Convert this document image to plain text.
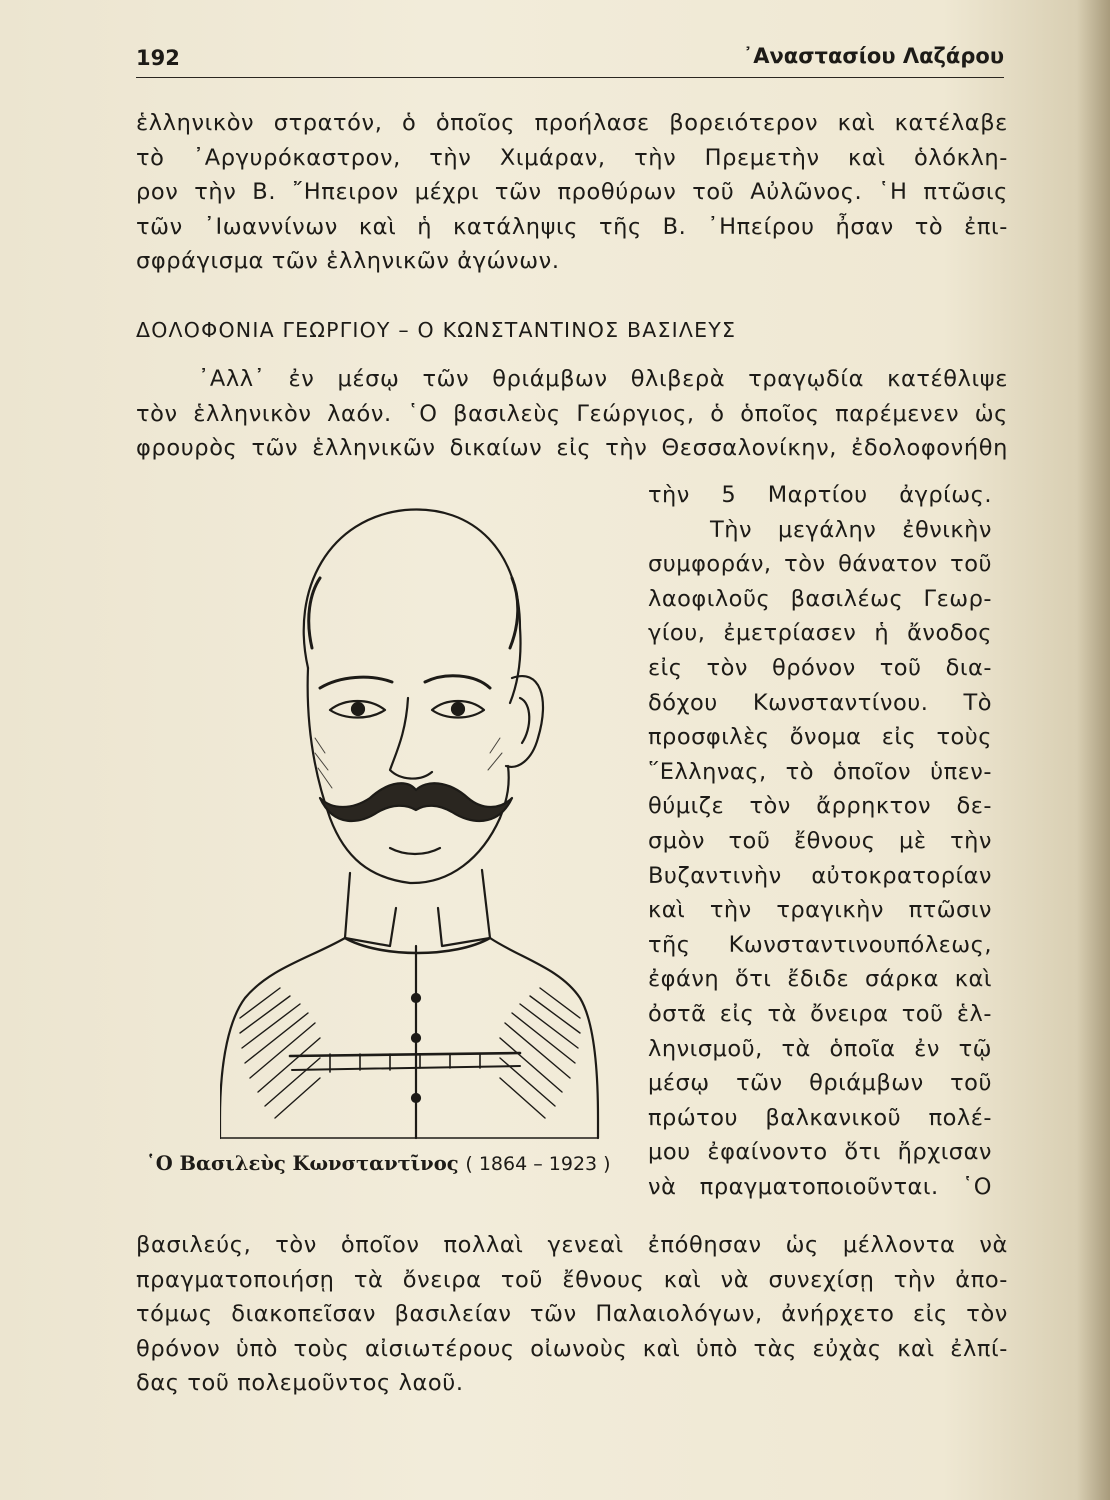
192	᾽Αναστασίου Λαζάρου
ἑλληνικὸν στρατόν, ὁ ὁποῖος προήλασε βορειότερον καὶ κατέλαβε
τὸ ᾽Αργυρόκαστρον, τὴν Χιμάραν, τὴν Πρεμετὴν καὶ ὁλόκλη-
ρον τὴν Β. ῎Ηπειρον μέχρι τῶν προθύρων τοῦ Αὐλῶνος. ῾Η πτῶσις
τῶν ᾽Ιωαννίνων καὶ ἡ κατάληψις τῆς Β. ᾽Ηπείρου ἦσαν τὸ ἐπι-
σφράγισμα τῶν ἑλληνικῶν ἀγώνων.
ΔΟΛΟΦΟΝΙΑ ΓΕΩΡΓΙΟΥ – Ο ΚΩΝΣΤΑΝΤΙΝΟΣ ΒΑΣΙΛΕΥΣ
᾽Αλλ᾽ ἐν μέσῳ τῶν θριάμβων θλιβερὰ τραγῳδία κατέθλιψε
τὸν ἑλληνικὸν λαόν. ῾Ο βασιλεὺς Γεώργιος, ὁ ὁποῖος παρέμενεν ὡς
φρουρὸς τῶν ἑλληνικῶν δικαίων εἰς τὴν Θεσσαλονίκην, ἐδολοφονήθη
τὴν 5 Μαρτίου ἀγρίως.
Τὴν μεγάλην ἐθνικὴν
συμφοράν, τὸν θάνατον τοῦ
λαοφιλοῦς βασιλέως Γεωρ-
γίου, ἐμετρίασεν ἡ ἄνοδος
εἰς τὸν θρόνον τοῦ δια-
δόχου Κωνσταντίνου. Τὸ
προσφιλὲς ὄνομα εἰς τοὺς
῞Ελληνας, τὸ ὁποῖον ὑπεν-
θύμιζε τὸν ἄρρηκτον δε-
σμὸν τοῦ ἔθνους μὲ τὴν
Βυζαντινὴν αὐτοκρατορίαν
καὶ τὴν τραγικὴν πτῶσιν
τῆς Κωνσταντινουπόλεως,
ἐφάνη ὅτι ἔδιδε σάρκα καὶ
ὀστᾶ εἰς τὰ ὄνειρα τοῦ ἑλ-
ληνισμοῦ, τὰ ὁποῖα ἐν τῷ
μέσῳ τῶν θριάμβων τοῦ
πρώτου βαλκανικοῦ πολέ-
μου ἐφαίνοντο ὅτι ἤρχισαν
νὰ πραγματοποιοῦνται. ῾Ο
῾Ο Βασιλεὺς Κωνσταντῖνος ( 1864 – 1923 )
βασιλεύς, τὸν ὁποῖον πολλαὶ γενεαὶ ἐπόθησαν ὡς μέλλοντα νὰ
πραγματοποιήσῃ τὰ ὄνειρα τοῦ ἔθνους καὶ νὰ συνεχίσῃ τὴν ἀπο-
τόμως διακοπεῖσαν βασιλείαν τῶν Παλαιολόγων, ἀνήρχετο εἰς τὸν
θρόνον ὑπὸ τοὺς αἰσιωτέρους οἰωνοὺς καὶ ὑπὸ τὰς εὐχὰς καὶ ἐλπί-
δας τοῦ πολεμοῦντος λαοῦ.
